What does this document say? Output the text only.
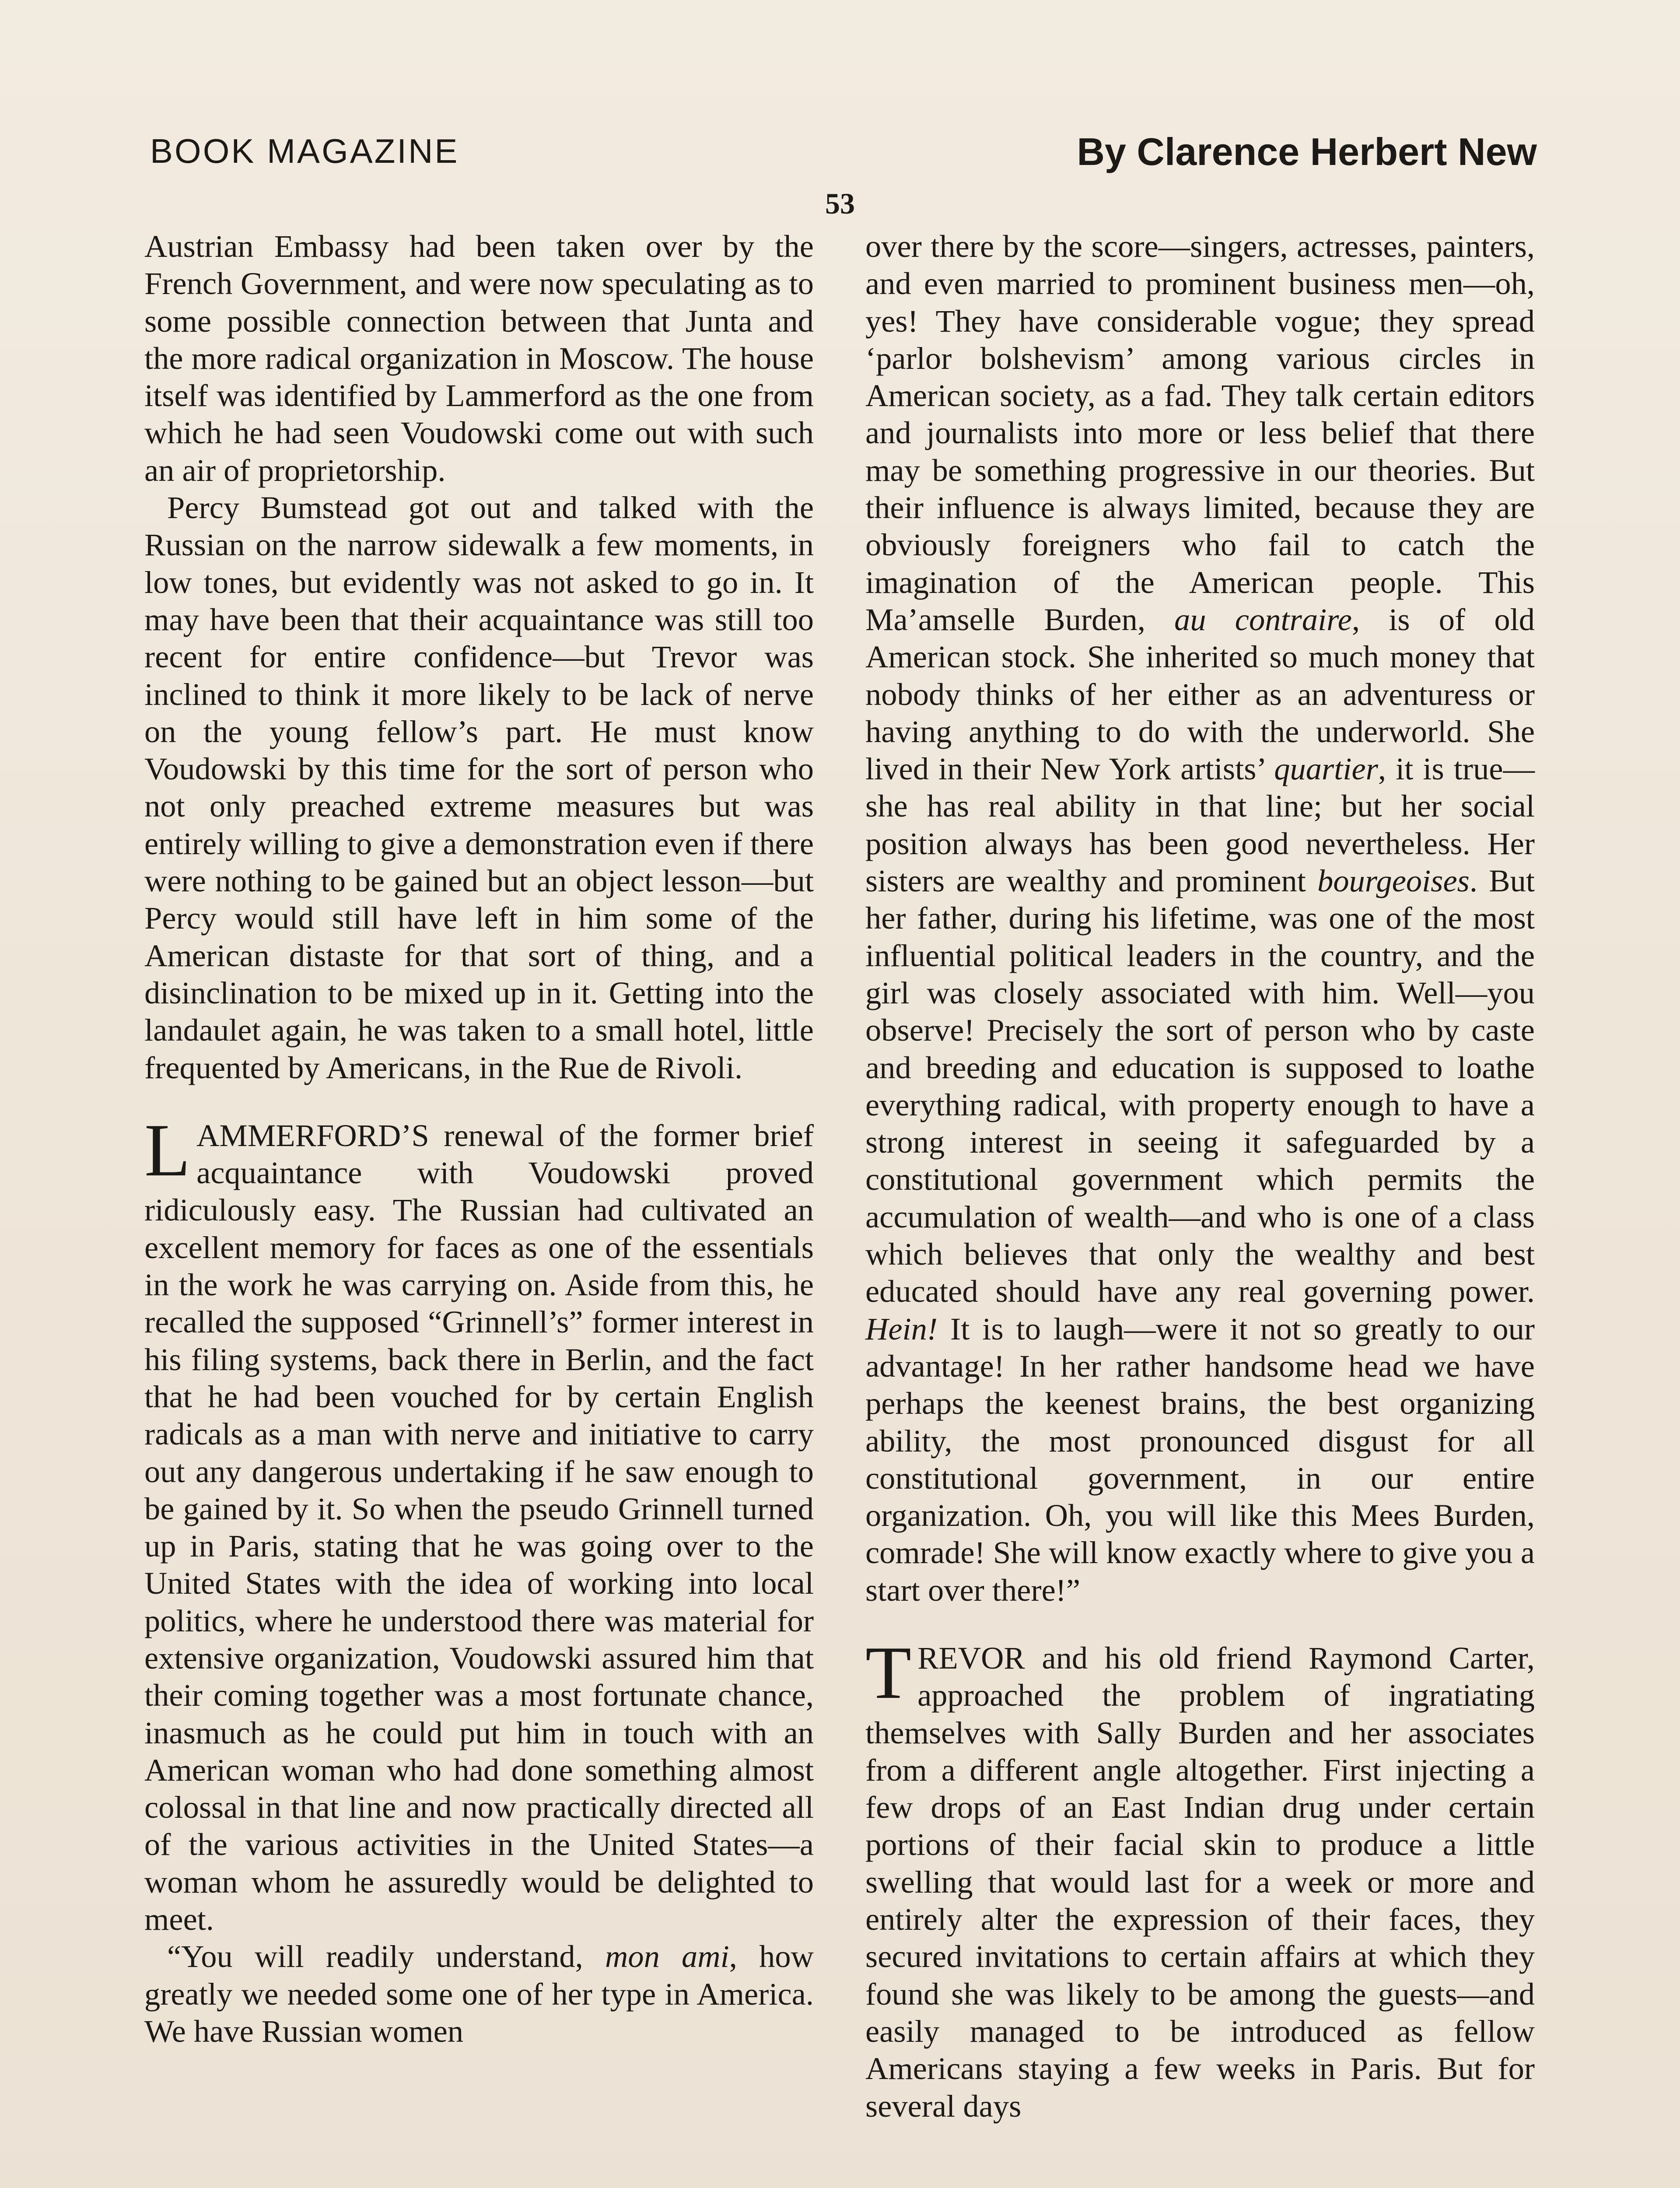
BOOK MAGAZINE	By Clarence Herbert New
53

Austrian Embassy had been taken over by the French Government, and were now speculating as to some possible connection between that Junta and the more radical organization in Moscow. The house itself was identified by Lammerford as the one from which he had seen Voudowski come out with such an air of proprietorship.

Percy Bumstead got out and talked with the Russian on the narrow sidewalk a few moments, in low tones, but evidently was not asked to go in. It may have been that their acquaintance was still too recent for entire confidence—but Trevor was inclined to think it more likely to be lack of nerve on the young fellow’s part. He must know Voudowski by this time for the sort of person who not only preached extreme measures but was entirely willing to give a demonstration even if there were nothing to be gained but an object lesson—but Percy would still have left in him some of the American distaste for that sort of thing, and a disinclination to be mixed up in it. Getting into the landaulet again, he was taken to a small hotel, little frequented by Americans, in the Rue de Rivoli.

LAMMERFORD’S renewal of the former brief acquaintance with Voudowski proved ridiculously easy. The Russian had cultivated an excellent memory for faces as one of the essentials in the work he was carrying on. Aside from this, he recalled the supposed “Grinnell’s” former interest in his filing systems, back there in Berlin, and the fact that he had been vouched for by certain English radicals as a man with nerve and initiative to carry out any dangerous undertaking if he saw enough to be gained by it. So when the pseudo Grinnell turned up in Paris, stating that he was going over to the United States with the idea of working into local politics, where he understood there was material for extensive organization, Voudowski assured him that their coming together was a most fortunate chance, inasmuch as he could put him in touch with an American woman who had done something almost colossal in that line and now practically directed all of the various activities in the United States—a woman whom he assuredly would be delighted to meet.

“You will readily understand, mon ami, how greatly we needed some one of her type in America. We have Russian women

over there by the score—singers, actresses, painters, and even married to prominent business men—oh, yes! They have considerable vogue; they spread ‘parlor bolshevism’ among various circles in American society, as a fad. They talk certain editors and journalists into more or less belief that there may be something progressive in our theories. But their influence is always limited, because they are obviously foreigners who fail to catch the imagination of the American people. This Ma’amselle Burden, au contraire, is of old American stock. She inherited so much money that nobody thinks of her either as an adventuress or having anything to do with the underworld. She lived in their New York artists’ quartier, it is true—she has real ability in that line; but her social position always has been good nevertheless. Her sisters are wealthy and prominent bourgeoises. But her father, during his lifetime, was one of the most influential political leaders in the country, and the girl was closely associated with him. Well—you observe! Precisely the sort of person who by caste and breeding and education is supposed to loathe everything radical, with property enough to have a strong interest in seeing it safeguarded by a constitutional government which permits the accumulation of wealth—and who is one of a class which believes that only the wealthy and best educated should have any real governing power. Hein! It is to laugh—were it not so greatly to our advantage! In her rather handsome head we have perhaps the keenest brains, the best organizing ability, the most pronounced disgust for all constitutional government, in our entire organization. Oh, you will like this Mees Burden, comrade! She will know exactly where to give you a start over there!”

TREVOR and his old friend Raymond Carter, approached the problem of ingratiating themselves with Sally Burden and her associates from a different angle altogether. First injecting a few drops of an East Indian drug under certain portions of their facial skin to produce a little swelling that would last for a week or more and entirely alter the expression of their faces, they secured invitations to certain affairs at which they found she was likely to be among the guests—and easily managed to be introduced as fellow Americans staying a few weeks in Paris. But for several days
